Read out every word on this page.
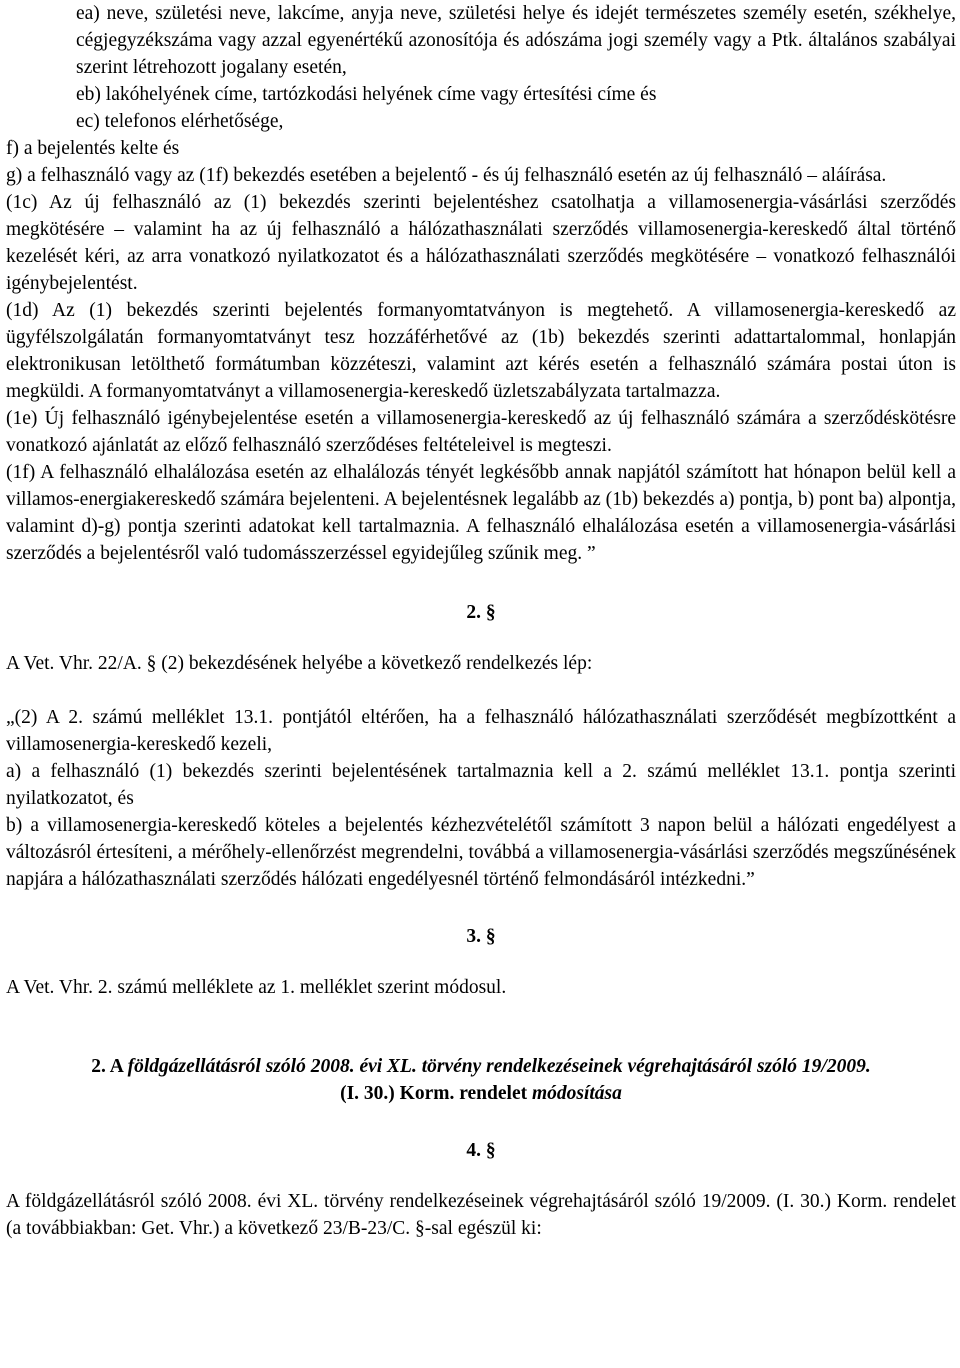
ea) neve, születési neve, lakcíme, anyja neve, születési helye és idejét természetes személy esetén, székhelye, cégjegyzékszáma vagy azzal egyenértékű azonosítója és adószáma jogi személy vagy a Ptk. általános szabályai szerint létrehozott jogalany esetén,

eb) lakóhelyének címe, tartózkodási helyének címe vagy értesítési címe és

ec) telefonos elérhetősége,

f) a bejelentés kelte és

g) a felhasználó vagy az (1f) bekezdés esetében a bejelentő - és új felhasználó esetén az új felhasználó – aláírása.

(1c) Az új felhasználó az (1) bekezdés szerinti bejelentéshez csatolhatja a villamosenergia-vásárlási szerződés megkötésére – valamint ha az új felhasználó a hálózathasználati szerződés villamosenergia-kereskedő által történő kezelését kéri, az arra vonatkozó nyilatkozatot és a hálózathasználati szerződés megkötésére – vonatkozó felhasználói igénybejelentést.

(1d) Az (1) bekezdés szerinti bejelentés formanyomtatványon is megtehető. A villamosenergia-kereskedő az ügyfélszolgálatán formanyomtatványt tesz hozzáférhetővé az (1b) bekezdés szerinti adattartalommal, honlapján elektronikusan letölthető formátumban közzéteszi, valamint azt kérés esetén a felhasználó számára postai úton is megküldi. A formanyomtatványt a villamosenergia-kereskedő üzletszabályzata tartalmazza.

(1e) Új felhasználó igénybejelentése esetén a villamosenergia-kereskedő az új felhasználó számára a szerződéskötésre vonatkozó ajánlatát az előző felhasználó szerződéses feltételeivel is megteszi.

(1f) A felhasználó elhalálozása esetén az elhalálozás tényét legkésőbb annak napjától számított hat hónapon belül kell a villamos-energiakereskedő számára bejelenteni. A bejelentésnek legalább az (1b) bekezdés a) pontja, b) pont ba) alpontja, valamint d)-g) pontja szerinti adatokat kell tartalmaznia. A felhasználó elhalálozása esetén a villamosenergia-vásárlási szerződés a bejelentésről való tudomásszerzéssel egyidejűleg szűnik meg. ”

2. §

A Vet. Vhr. 22/A. § (2) bekezdésének helyébe a következő rendelkezés lép:

„(2) A 2. számú melléklet 13.1. pontjától eltérően, ha a felhasználó hálózathasználati szerződését megbízottként a villamosenergia-kereskedő kezeli,

a) a felhasználó (1) bekezdés szerinti bejelentésének tartalmaznia kell a 2. számú melléklet 13.1. pontja szerinti nyilatkozatot, és

b) a villamosenergia-kereskedő köteles a bejelentés kézhezvételétől számított 3 napon belül a hálózati engedélyest a változásról értesíteni, a mérőhely-ellenőrzést megrendelni, továbbá a villamosenergia-vásárlási szerződés megszűnésének napjára a hálózathasználati szerződés hálózati engedélyesnél történő felmondásáról intézkedni.”

3. §

A Vet. Vhr. 2. számú melléklete az 1. melléklet szerint módosul.

2. A földgázellátásról szóló 2008. évi XL. törvény rendelkezéseinek végrehajtásáról szóló 19/2009.
(I. 30.) Korm. rendelet módosítása

4. §

A földgázellátásról szóló 2008. évi XL. törvény rendelkezéseinek végrehajtásáról szóló 19/2009. (I. 30.) Korm. rendelet (a továbbiakban: Get. Vhr.) a következő 23/B-23/C. §-sal egészül ki:
